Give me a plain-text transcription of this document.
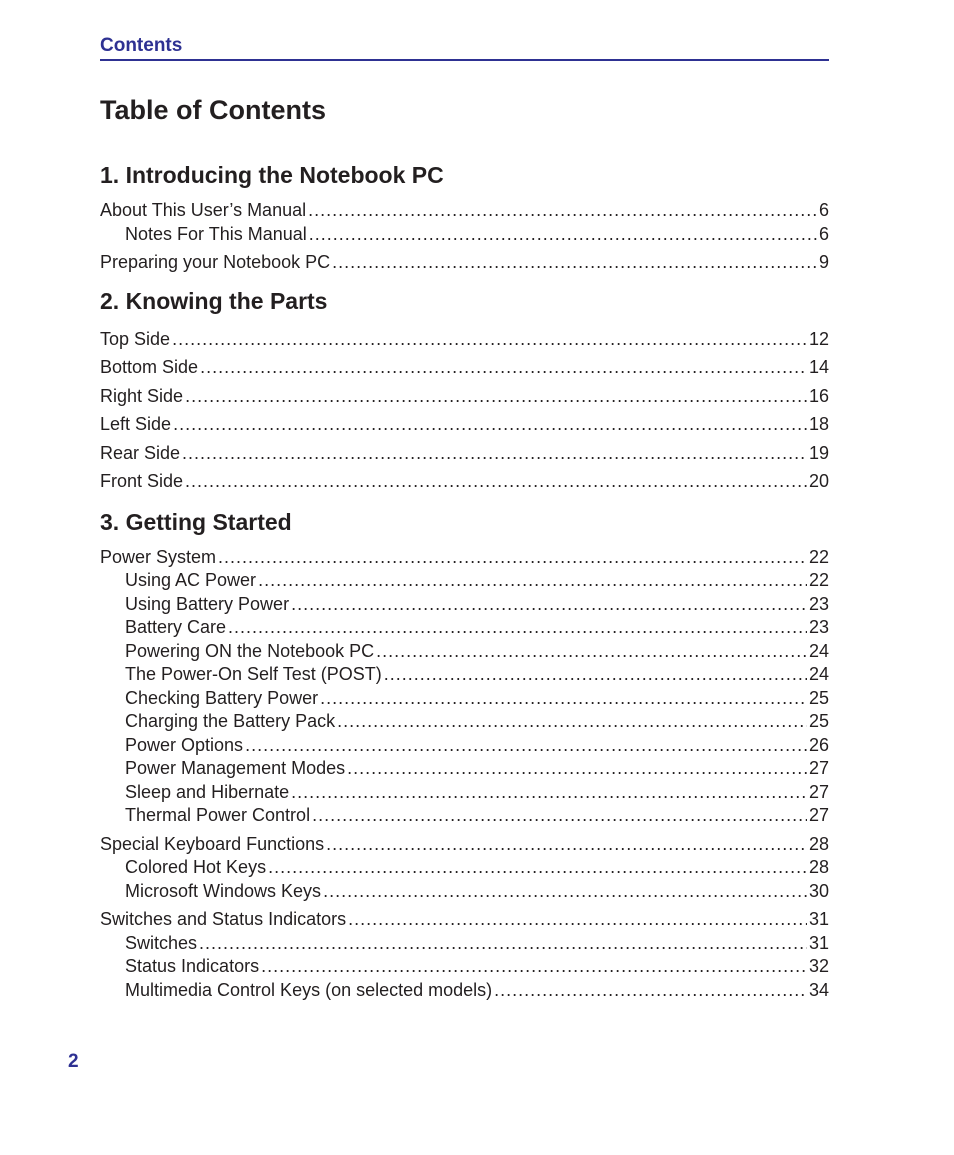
Contents
Table of Contents
1. Introducing the Notebook PC
About This User’s Manual .....	6
Notes For This Manual .....	6
Preparing your Notebook PC .....	9
2. Knowing the Parts
Top Side .....	12
Bottom Side .....	14
Right Side .....	16
Left Side .....	18
Rear Side .....	19
Front Side .....	20
3. Getting Started
Power System .....	22
Using AC Power .....	22
Using Battery Power .....	23
Battery Care .....	23
Powering ON the Notebook PC .....	24
The Power-On Self Test (POST) .....	24
Checking Battery Power .....	25
Charging the Battery Pack .....	25
Power Options .....	26
Power Management Modes .....	27
Sleep and Hibernate .....	27
Thermal Power Control .....	27
Special Keyboard Functions .....	28
Colored Hot Keys .....	28
Microsoft Windows Keys .....	30
Switches and Status Indicators .....	31
Switches .....	31
Status Indicators .....	32
Multimedia Control Keys (on selected models) .....	34
2
